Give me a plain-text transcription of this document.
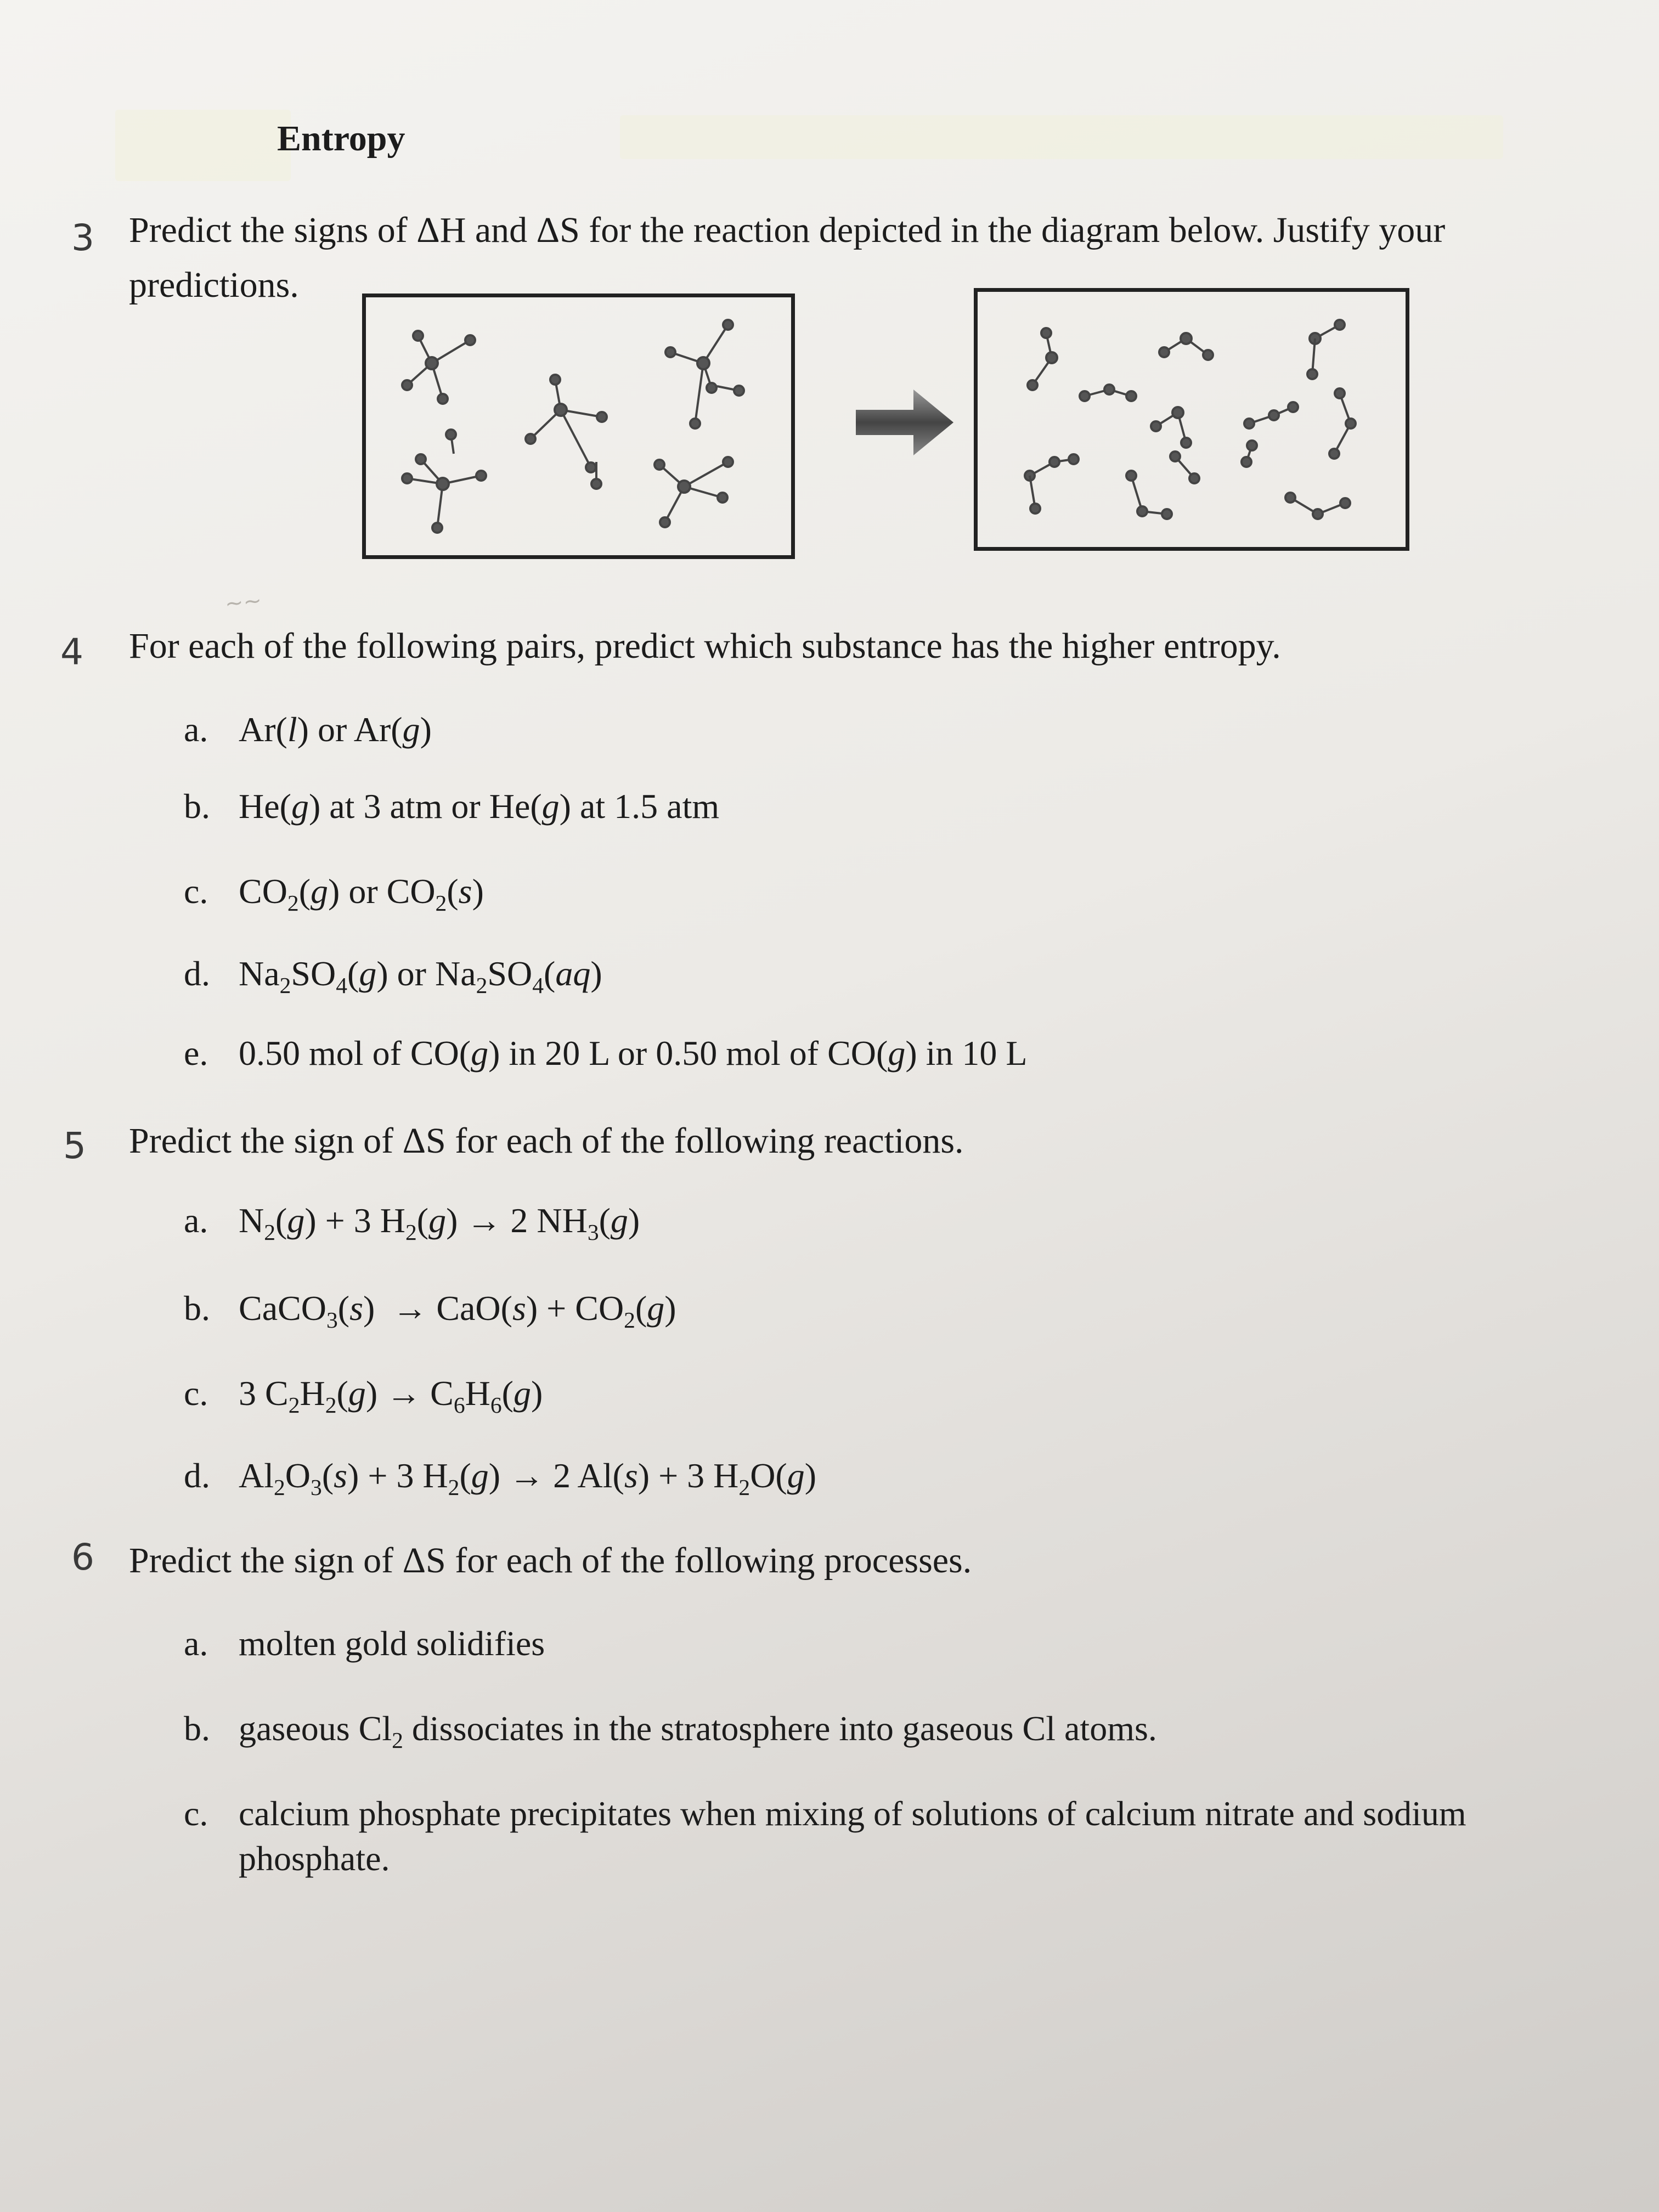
Entropy
3 Predict the signs of ΔH and ΔS for the reaction depicted in the diagram below. Justify your
predictions.
~~
4 For each of the following pairs, predict which substance has the higher entropy.
a. Ar(l) or Ar(g)
b. He(g) at 3 atm or He(g) at 1.5 atm
c. $CO_2(g)$ or $CO_2(s)$
d. $Na_2SO_4(g)$ or $Na_2SO_4(aq)$
e. 0.50 mol of CO(g) in 20 L or 0.50 mol of CO(g) in 10 L
5 Predict the sign of ΔS for each of the following reactions.
a. $N_2(g) + 3$ $H_2(g) \to 2$ $NH_3(g)$
b. CaCO$_3$(s)  → $CaO(s) + CO_2(g)$
c. 3 $C_2H_2(g) \to C_6H_6(g)$
d. $Al_2O_3(s) + 3$ $H_2(g) \to 2$ Al(s) + 3 $H_2O(g)$
6 Predict the sign of ΔS for each of the following processes.
a. molten gold solidifies
b. gaseous $Cl_2$ dissociates in the stratosphere into gaseous Cl atoms.
c. calcium phosphate precipitates when mixing of solutions of calcium nitrate and sodium
phosphate.
